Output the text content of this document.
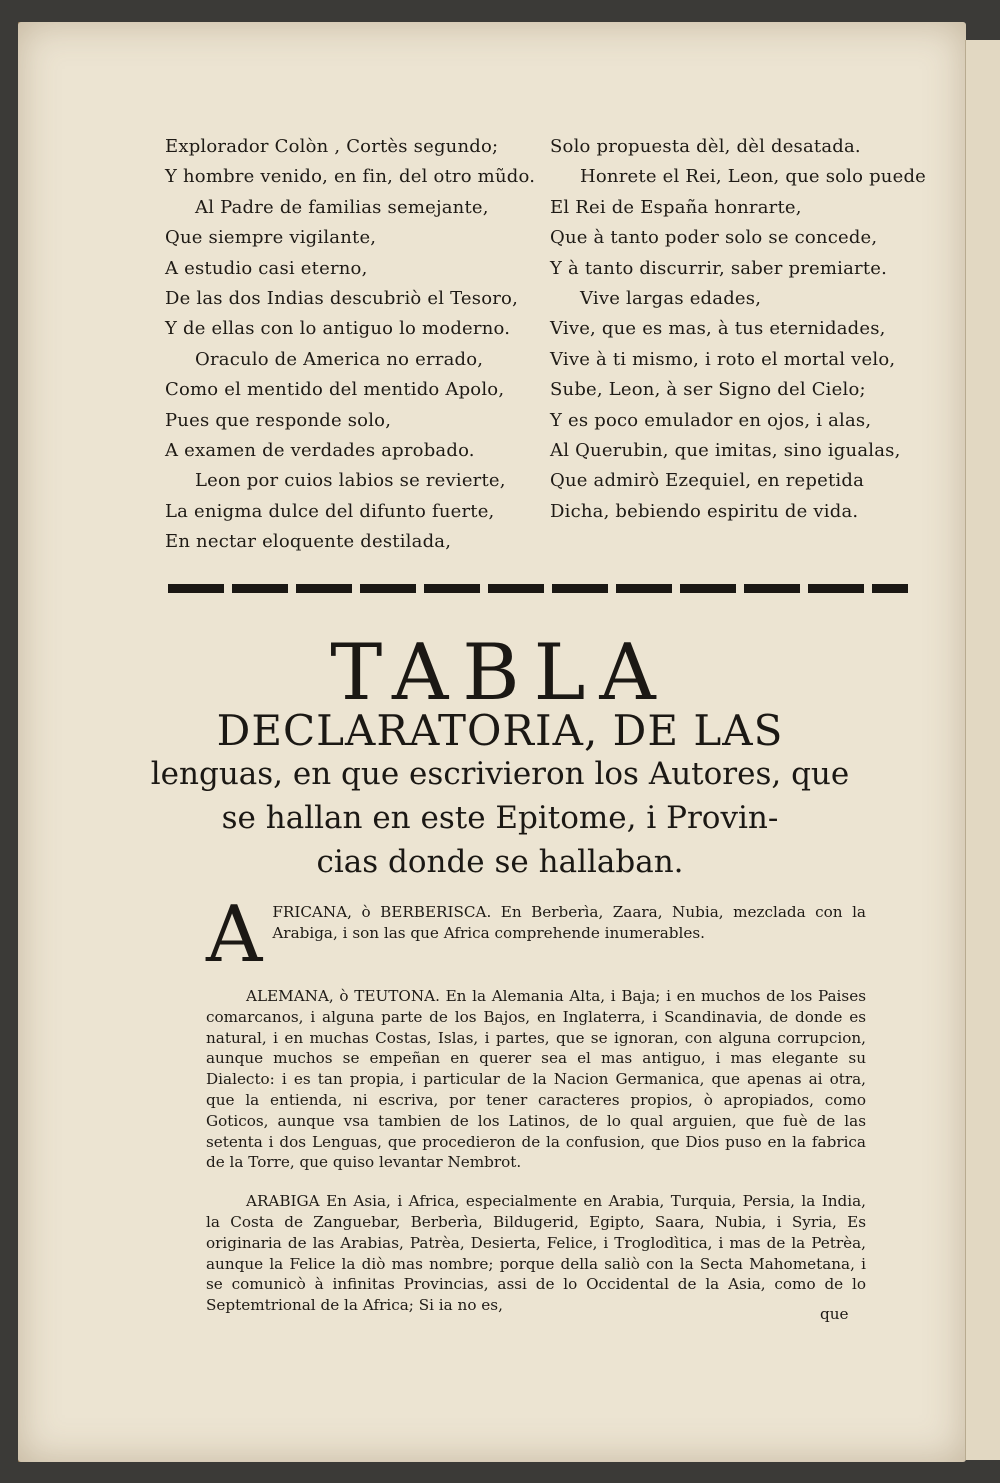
Explorador Colòn , Cortès segundo;
Y hombre venido, en fin, del otro mũdo.
Al Padre de familias semejante,
Que siempre vigilante,
A estudio casi eterno,
De las dos Indias descubriò el Tesoro,
Y de ellas con lo antiguo lo moderno.
Oraculo de America no errado,
Como el mentido del mentido Apolo,
Pues que responde solo,
A examen de verdades aprobado.
Leon por cuios labios se revierte,
La enigma dulce del difunto fuerte,
En nectar eloquente destilada,
Solo propuesta dèl, dèl desatada.
Honrete el Rei, Leon, que solo puede
El Rei de España honrarte,
Que à tanto poder solo se concede,
Y à tanto discurrir, saber premiarte.
Vive largas edades,
Vive, que es mas, à tus eternidades,
Vive à ti mismo, i roto el mortal velo,
Sube, Leon, à ser Signo del Cielo;
Y es poco emulador en ojos, i alas,
Al Querubin, que imitas, sino igualas,
Que admirò Ezequiel, en repetida
Dicha, bebiendo espiritu de vida.
TABLA
DECLARATORIA, DE LAS
lenguas, en que escrivieron los Autores, que
se hallan en este Epitome, i Provin-
cias donde se hallaban.
A FRICANA, ò BERBERISCA. En Berberìa, Zaara, Nubia, mezclada con la Arabiga, i son las que Africa comprehende inumerables.
ALEMANA, ò TEUTONA. En la Alemania Alta, i Baja; i en muchos de los Paises comarcanos, i alguna parte de los Bajos, en Inglaterra, i Scandinavia, de donde es natural, i en muchas Costas, Islas, i partes, que se ignoran, con alguna corrupcion, aunque muchos se empeñan en querer sea el mas antiguo, i mas elegante su Dialecto: i es tan propia, i particular de la Nacion Germanica, que apenas ai otra, que la entienda, ni escriva, por tener caracteres propios, ò apropiados, como Goticos, aunque vsa tambien de los Latinos, de lo qual arguien, que fuè de las setenta i dos Lenguas, que procedieron de la confusion, que Dios puso en la fabrica de la Torre, que quiso levantar Nembrot.
ARABIGA En Asia, i Africa, especialmente en Arabia, Turquia, Persia, la India, la Costa de Zanguebar, Berberìa, Bildugerid, Egipto, Saara, Nubia, i Syria, Es originaria de las Arabias, Patrèa, Desierta, Felice, i Troglodìtica, i mas de la Petrèa, aunque la Felice la diò mas nombre; porque della saliò con la Secta Mahometana, i se comunicò à infinitas Provincias, assi de lo Occidental de la Asia, como de lo Septemtrional de la Africa; Si ia no es,	que
